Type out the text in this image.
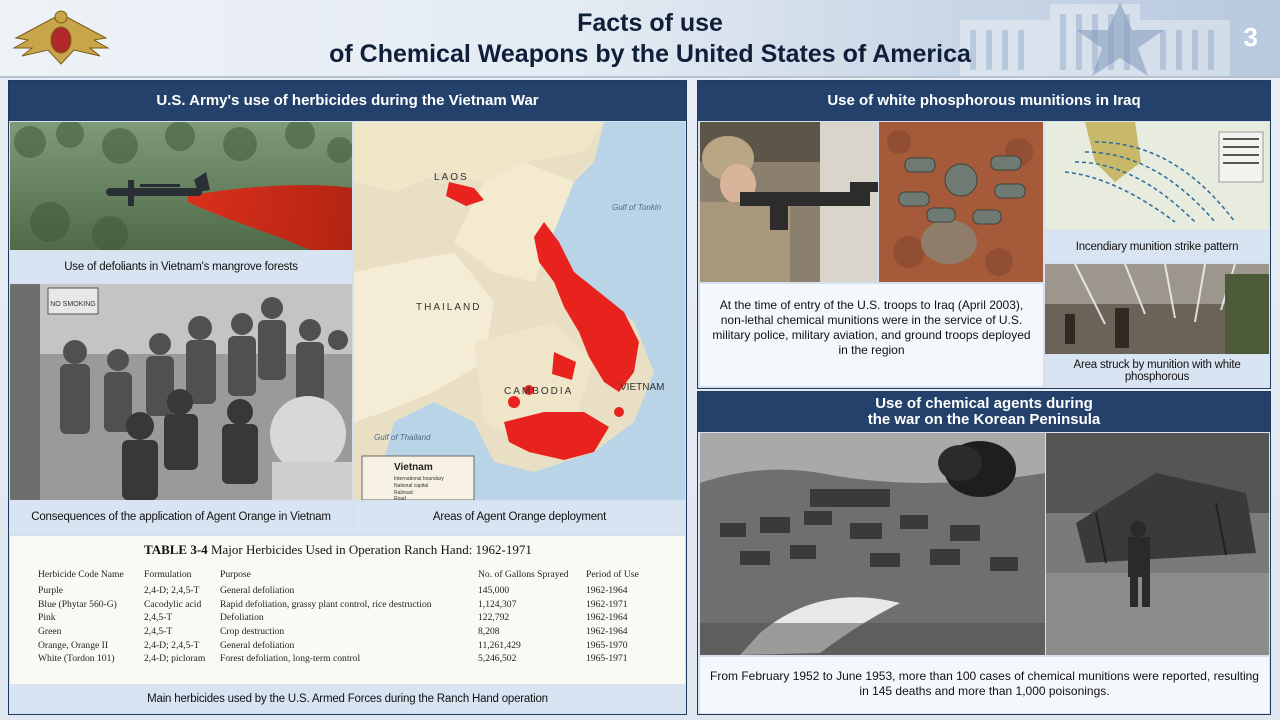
Facts of use
of Chemical Weapons by the United States of America
3
U.S. Army's use of herbicides during the Vietnam War
Use of defoliants in Vietnam's mangrove forests
NO SMOKING
Consequences of the application of Agent Orange in Vietnam
LAOS
THAILAND
CAMBODIA	VIETNAM
Gulf of Tonkin
Gulf of Thailand
Vietnam
International boundary
National capital
Railroad
Road
Areas of Agent Orange deployment
TABLE 3-4 Major Herbicides Used in Operation Ranch Hand: 1962-1971
Herbicide Code Name	Formulation	Purpose	No. of Gallons Sprayed	Period of Use
Purple	2,4-D; 2,4,5-T	General defoliation	145,000	1962-1964
Blue (Phytar 560-G)	Cacodylic acid	Rapid defoliation, grassy plant control, rice destruction	1,124,307	1962-1971
Pink	2,4,5-T	Defoliation	122,792	1962-1964
Green	2,4,5-T	Crop destruction	8,208	1962-1964
Orange, Orange II	2,4-D; 2,4,5-T	General defoliation	11,261,429	1965-1970
White (Tordon 101)	2,4-D; picloram	Forest defoliation, long-term control	5,246,502	1965-1971
Main herbicides used by the U.S. Armed Forces during the Ranch Hand operation
Use of white phosphorous munitions in Iraq
Incendiary munition strike pattern
Area struck by munition with white phosphorous
At the time of entry of the U.S. troops to Iraq (April 2003), non-lethal chemical munitions were in the service of U.S. military police, military aviation, and ground troops deployed in the region
Use of chemical agents during
the war on the Korean Peninsula
From February 1952 to June 1953, more than 100 cases of chemical munitions were reported, resulting in 145 deaths and more than 1,000 poisonings.
